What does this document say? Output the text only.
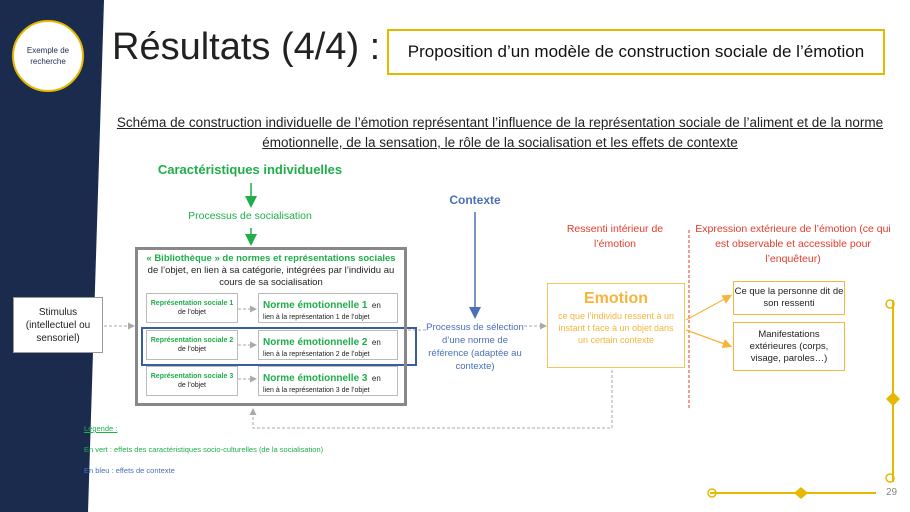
Exemple de recherche Résultats (4/4) : Proposition d’un modèle de construction sociale de l’émotion
Schéma de construction individuelle de l’émotion représentant l’influence de la représentation sociale de l’aliment et de la norme émotionnelle, de la sensation, le rôle de la socialisation et les effets de contexte
Caractéristiques individuelles
Processus de socialisation
« Bibliothèque » de normes et représentations sociales
de l’objet, en lien à sa catégorie, intégrées par l’individu au cours de sa socialisation
Représentation sociale 1
de l’objet
Norme émotionnelle 1 en
lien à la représentation 1 de l’objet
Représentation sociale 2
de l’objet
Norme émotionnelle 2 en
lien à la représentation 2 de l’objet
Représentation sociale 3
de l’objet
Norme émotionnelle 3 en
lien à la représentation 3 de l’objet
Stimulus (intellectuel ou sensoriel)
Contexte
Processus de sélection d’une norme de référence (adaptée au contexte)
Ressenti intérieur de l’émotion
Emotion
ce que l’individu ressent à un instant t face à un objet dans un certain contexte
Expression extérieure de l’émotion (ce qui est observable et accessible pour l’enquêteur)
Ce que la personne dit de son ressenti
Manifestations extérieures (corps, visage, paroles…)
Légende :
En vert : effets des caractéristiques socio-culturelles (de la socialisation)
En bleu : effets de contexte
29
